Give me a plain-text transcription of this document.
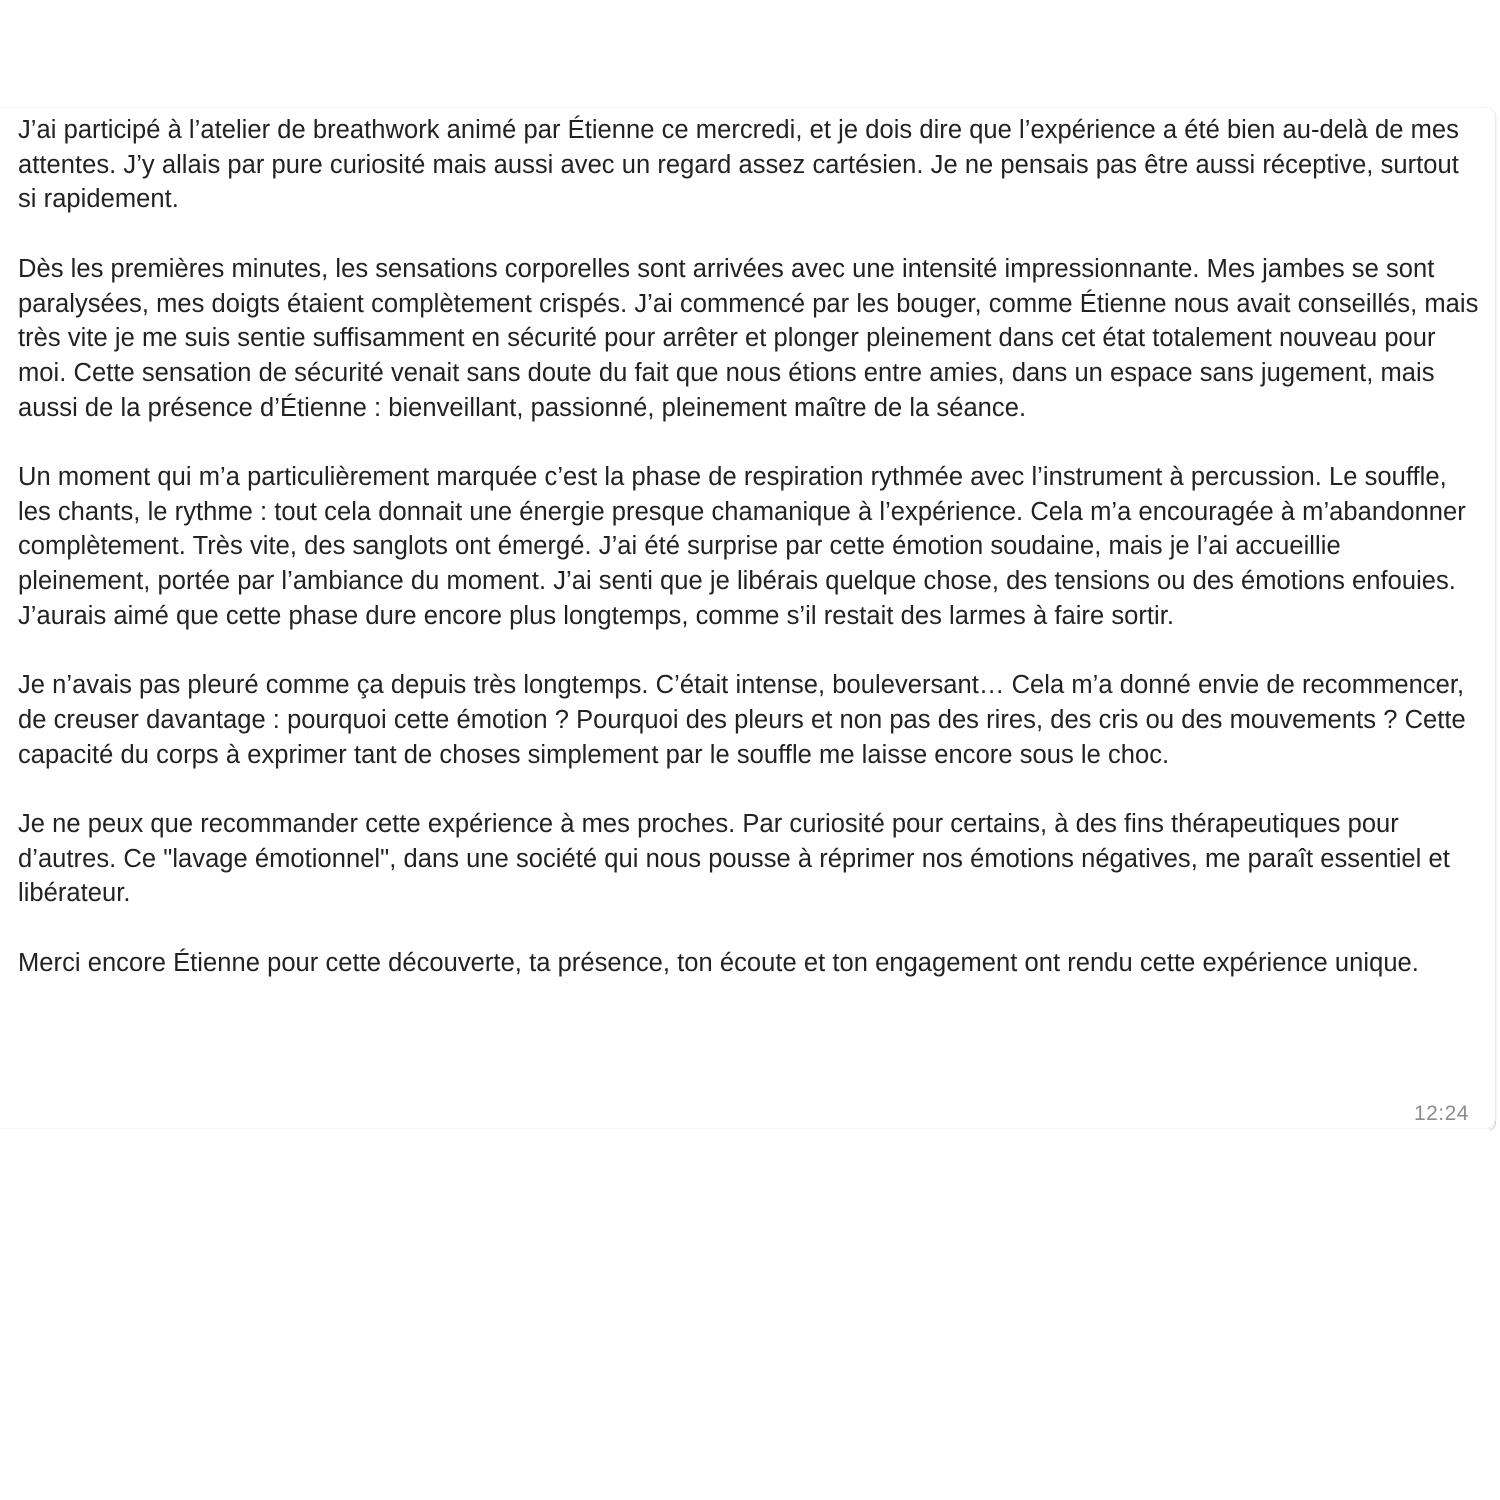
J’ai participé à l’atelier de breathwork animé par Étienne ce mercredi, et je dois dire que l’expérience a été bien au-delà de mes attentes. J’y allais par pure curiosité mais aussi avec un regard assez cartésien. Je ne pensais pas être aussi réceptive, surtout si rapidement.

Dès les premières minutes, les sensations corporelles sont arrivées avec une intensité impressionnante. Mes jambes se sont paralysées, mes doigts étaient complètement crispés. J’ai commencé par les bouger, comme Étienne nous avait conseillés, mais très vite je me suis sentie suffisamment en sécurité pour arrêter et plonger pleinement dans cet état totalement nouveau pour moi. Cette sensation de sécurité venait sans doute du fait que nous étions entre amies, dans un espace sans jugement, mais aussi de la présence d’Étienne : bienveillant, passionné, pleinement maître de la séance.

Un moment qui m’a particulièrement marquée c’est la phase de respiration rythmée avec l’instrument à percussion. Le souffle, les chants, le rythme : tout cela donnait une énergie presque chamanique à l’expérience. Cela m’a encouragée à m’abandonner complètement. Très vite, des sanglots ont émergé. J’ai été surprise par cette émotion soudaine, mais je l’ai accueillie pleinement, portée par l’ambiance du moment. J’ai senti que je libérais quelque chose, des tensions ou des émotions enfouies. J’aurais aimé que cette phase dure encore plus longtemps, comme s’il restait des larmes à faire sortir.

Je n’avais pas pleuré comme ça depuis très longtemps. C’était intense, bouleversant… Cela m’a donné envie de recommencer, de creuser davantage : pourquoi cette émotion ? Pourquoi des pleurs et non pas des rires, des cris ou des mouvements ? Cette capacité du corps à exprimer tant de choses simplement par le souffle me laisse encore sous le choc.

Je ne peux que recommander cette expérience à mes proches. Par curiosité pour certains, à des fins thérapeutiques pour d’autres. Ce "lavage émotionnel", dans une société qui nous pousse à réprimer nos émotions négatives, me paraît essentiel et libérateur.

Merci encore Étienne pour cette découverte, ta présence, ton écoute et ton engagement ont rendu cette expérience unique.

12:24
